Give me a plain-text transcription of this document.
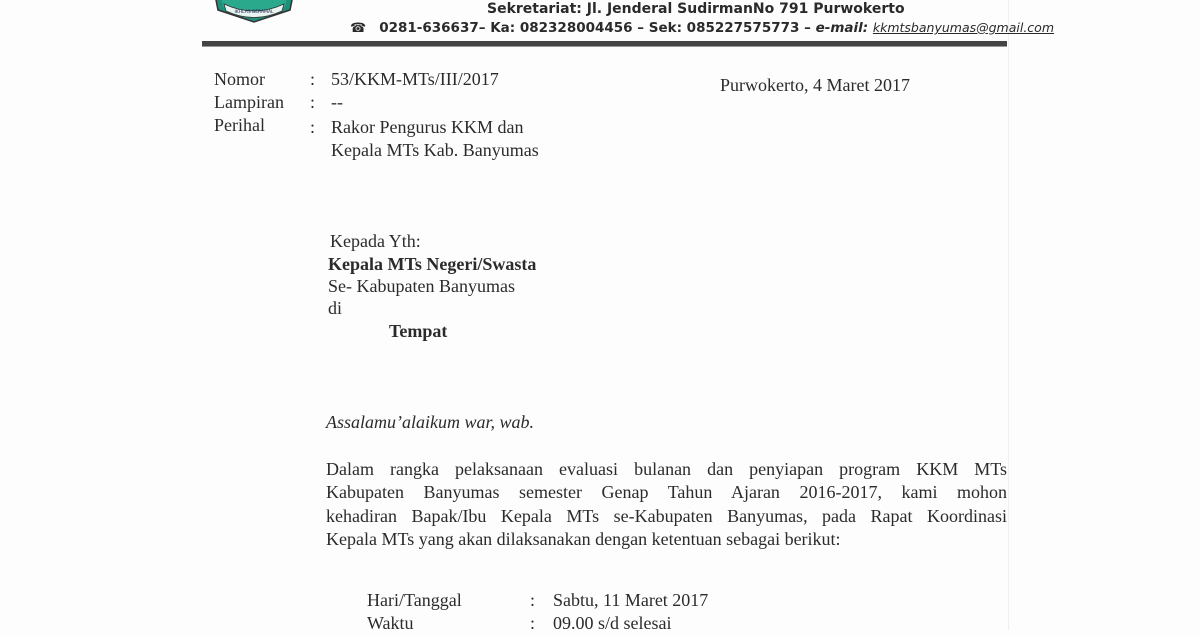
IKHLAS BERAMAL	Sekretariat: Jl. Jenderal SudirmanNo 791 Purwokerto
☎ 0281-636637– Ka: 082328004456 – Sek: 085227575773 – e-mail: kkmtsbanyumas@gmail.com
Nomor	: 53/KKM-MTs/III/2017
Lampiran : --
Perihal	: Rakor Pengurus KKM dan
Kepala MTs Kab. Banyumas
Purwokerto, 4 Maret 2017
Kepada Yth:
Kepala MTs Negeri/Swasta
Se- Kabupaten Banyumas
di
Tempat
Assalamu’alaikum war, wab.
Dalam rangka pelaksanaan evaluasi bulanan dan penyiapan program KKM MTs
Kabupaten Banyumas semester Genap Tahun Ajaran 2016-2017, kami mohon
kehadiran Bapak/Ibu Kepala MTs se-Kabupaten Banyumas, pada Rapat Koordinasi
Kepala MTs yang akan dilaksanakan dengan ketentuan sebagai berikut:
Hari/Tanggal	: Sabtu, 11 Maret 2017
Waktu	: 09.00 s/d selesai
